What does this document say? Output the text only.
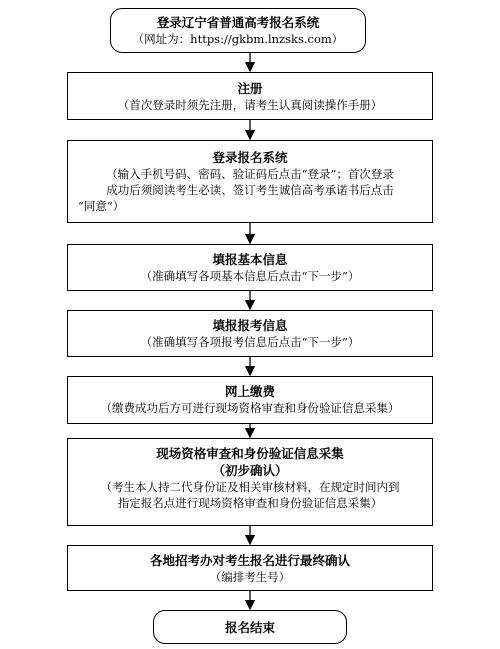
登录辽宁省普通高考报名系统
（网址为：https://gkbm.lnzsks.com）
注册
（首次登录时须先注册，请考生认真阅读操作手册）
登录报名系统
（输入手机号码、密码、验证码后点击“登录”；首次登录
成功后须阅读考生必读、签订考生诚信高考承诺书后点击
“同意”）
填报基本信息
（准确填写各项基本信息后点击“下一步”）
填报报考信息
（准确填写各项报考信息后点击“下一步”）
网上缴费
（缴费成功后方可进行现场资格审查和身份验证信息采集）
现场资格审查和身份验证信息采集
（初步确认）
（考生本人持二代身份证及相关审核材料，在规定时间内到
指定报名点进行现场资格审查和身份验证信息采集）
各地招考办对考生报名进行最终确认
（编排考生号）
报名结束
